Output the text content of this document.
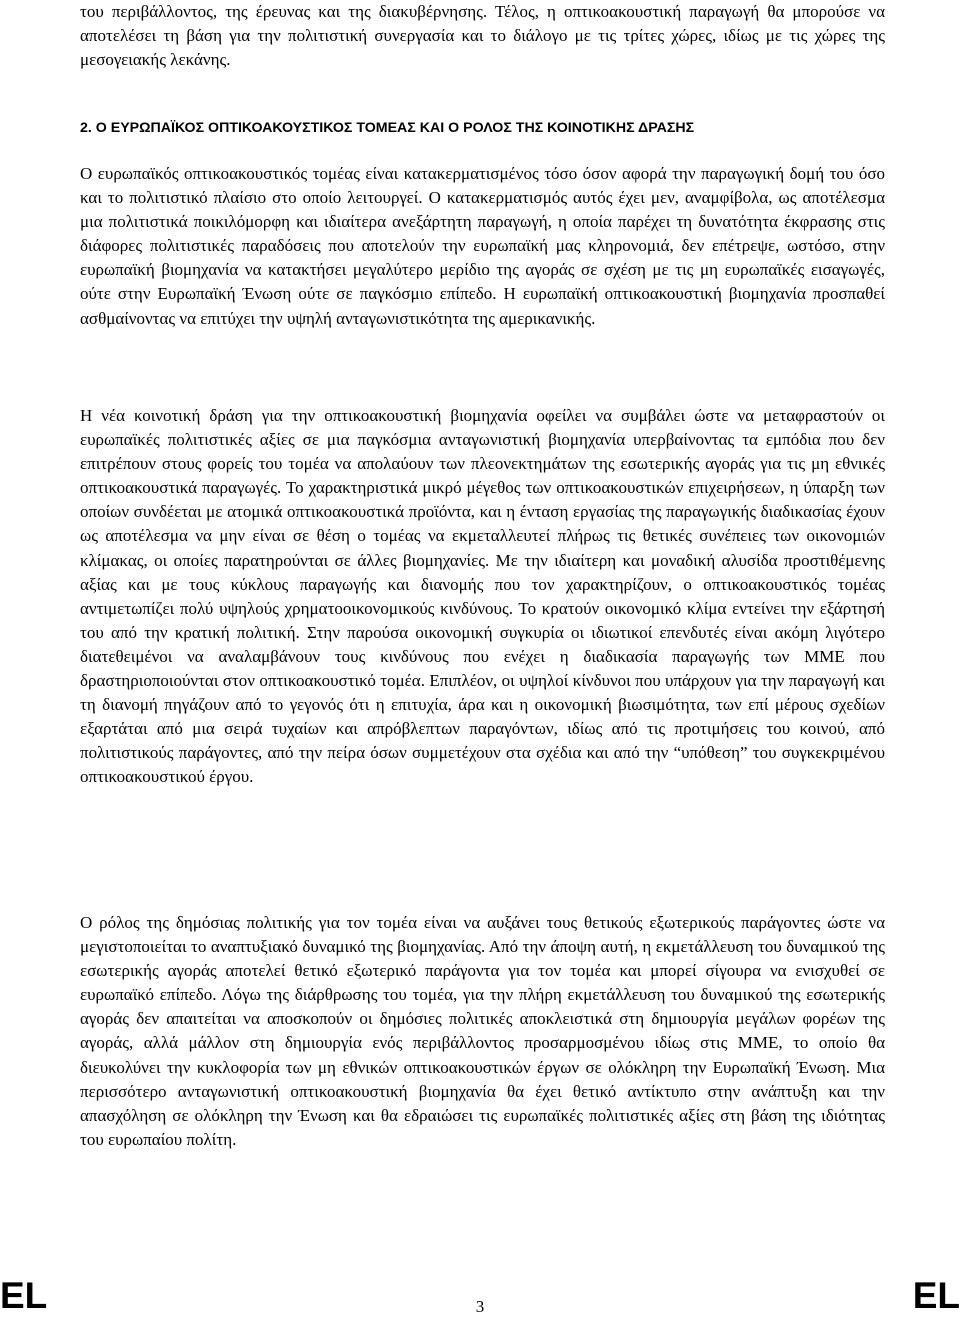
του περιβάλλοντος, της έρευνας και της διακυβέρνησης. Τέλος, η οπτικοακουστική παραγωγή θα μπορούσε να αποτελέσει τη βάση για την πολιτιστική συνεργασία και το διάλογο με τις τρίτες χώρες, ιδίως με τις χώρες της μεσογειακής λεκάνης.

2. Ο ΕΥΡΩΠΑΪΚΟΣ ΟΠΤΙΚΟΑΚΟΥΣΤΙΚΟΣ ΤΟΜΕΑΣ ΚΑΙ Ο ΡΟΛΟΣ ΤΗΣ ΚΟΙΝΟΤΙΚΗΣ ΔΡΑΣΗΣ

Ο ευρωπαϊκός οπτικοακουστικός τομέας είναι κατακερματισμένος τόσο όσον αφορά την παραγωγική δομή του όσο και το πολιτιστικό πλαίσιο στο οποίο λειτουργεί. Ο κατακερματισμός αυτός έχει μεν, αναμφίβολα, ως αποτέλεσμα μια πολιτιστικά ποικιλόμορφη και ιδιαίτερα ανεξάρτητη παραγωγή, η οποία παρέχει τη δυνατότητα έκφρασης στις διάφορες πολιτιστικές παραδόσεις που αποτελούν την ευρωπαϊκή μας κληρονομιά, δεν επέτρεψε, ωστόσο, στην ευρωπαϊκή βιομηχανία να κατακτήσει μεγαλύτερο μερίδιο της αγοράς σε σχέση με τις μη ευρωπαϊκές εισαγωγές, ούτε στην Ευρωπαϊκή Ένωση ούτε σε παγκόσμιο επίπεδο. Η ευρωπαϊκή οπτικοακουστική βιομηχανία προσπαθεί ασθμαίνοντας να επιτύχει την υψηλή ανταγωνιστικότητα της αμερικανικής.

Η νέα κοινοτική δράση για την οπτικοακουστική βιομηχανία οφείλει να συμβάλει ώστε να μεταφραστούν οι ευρωπαϊκές πολιτιστικές αξίες σε μια παγκόσμια ανταγωνιστική βιομηχανία υπερβαίνοντας τα εμπόδια που δεν επιτρέπουν στους φορείς του τομέα να απολαύουν των πλεονεκτημάτων της εσωτερικής αγοράς για τις μη εθνικές οπτικοακουστικά παραγωγές. Το χαρακτηριστικά μικρό μέγεθος των οπτικοακουστικών επιχειρήσεων, η ύπαρξη των οποίων συνδέεται με ατομικά οπτικοακουστικά προϊόντα, και η ένταση εργασίας της παραγωγικής διαδικασίας έχουν ως αποτέλεσμα να μην είναι σε θέση ο τομέας να εκμεταλλευτεί πλήρως τις θετικές συνέπειες των οικονομιών κλίμακας, οι οποίες παρατηρούνται σε άλλες βιομηχανίες. Με την ιδιαίτερη και μοναδική αλυσίδα προστιθέμενης αξίας και με τους κύκλους παραγωγής και διανομής που τον χαρακτηρίζουν, ο οπτικοακουστικός τομέας αντιμετωπίζει πολύ υψηλούς χρηματοοικονομικούς κινδύνους. Το κρατούν οικονομικό κλίμα εντείνει την εξάρτησή του από την κρατική πολιτική. Στην παρούσα οικονομική συγκυρία οι ιδιωτικοί επενδυτές είναι ακόμη λιγότερο διατεθειμένοι να αναλαμβάνουν τους κινδύνους που ενέχει η διαδικασία παραγωγής των ΜΜΕ που δραστηριοποιούνται στον οπτικοακουστικό τομέα. Επιπλέον, οι υψηλοί κίνδυνοι που υπάρχουν για την παραγωγή και τη διανομή πηγάζουν από το γεγονός ότι η επιτυχία, άρα και η οικονομική βιωσιμότητα, των επί μέρους σχεδίων εξαρτάται από μια σειρά τυχαίων και απρόβλεπτων παραγόντων, ιδίως από τις προτιμήσεις του κοινού, από πολιτιστικούς παράγοντες, από την πείρα όσων συμμετέχουν στα σχέδια και από την “υπόθεση” του συγκεκριμένου οπτικοακουστικού έργου.

Ο ρόλος της δημόσιας πολιτικής για τον τομέα είναι να αυξάνει τους θετικούς εξωτερικούς παράγοντες ώστε να μεγιστοποιείται το αναπτυξιακό δυναμικό της βιομηχανίας. Από την άποψη αυτή, η εκμετάλλευση του δυναμικού της εσωτερικής αγοράς αποτελεί θετικό εξωτερικό παράγοντα για τον τομέα και μπορεί σίγουρα να ενισχυθεί σε ευρωπαϊκό επίπεδο. Λόγω της διάρθρωσης του τομέα, για την πλήρη εκμετάλλευση του δυναμικού της εσωτερικής αγοράς δεν απαιτείται να αποσκοπούν οι δημόσιες πολιτικές αποκλειστικά στη δημιουργία μεγάλων φορέων της αγοράς, αλλά μάλλον στη δημιουργία ενός περιβάλλοντος προσαρμοσμένου ιδίως στις ΜΜΕ, το οποίο θα διευκολύνει την κυκλοφορία των μη εθνικών οπτικοακουστικών έργων σε ολόκληρη την Ευρωπαϊκή Ένωση. Μια περισσότερο ανταγωνιστική οπτικοακουστική βιομηχανία θα έχει θετικό αντίκτυπο στην ανάπτυξη και την απασχόληση σε ολόκληρη την Ένωση και θα εδραιώσει τις ευρωπαϊκές πολιτιστικές αξίες στη βάση της ιδιότητας του ευρωπαίου πολίτη.

EL	3	EL
